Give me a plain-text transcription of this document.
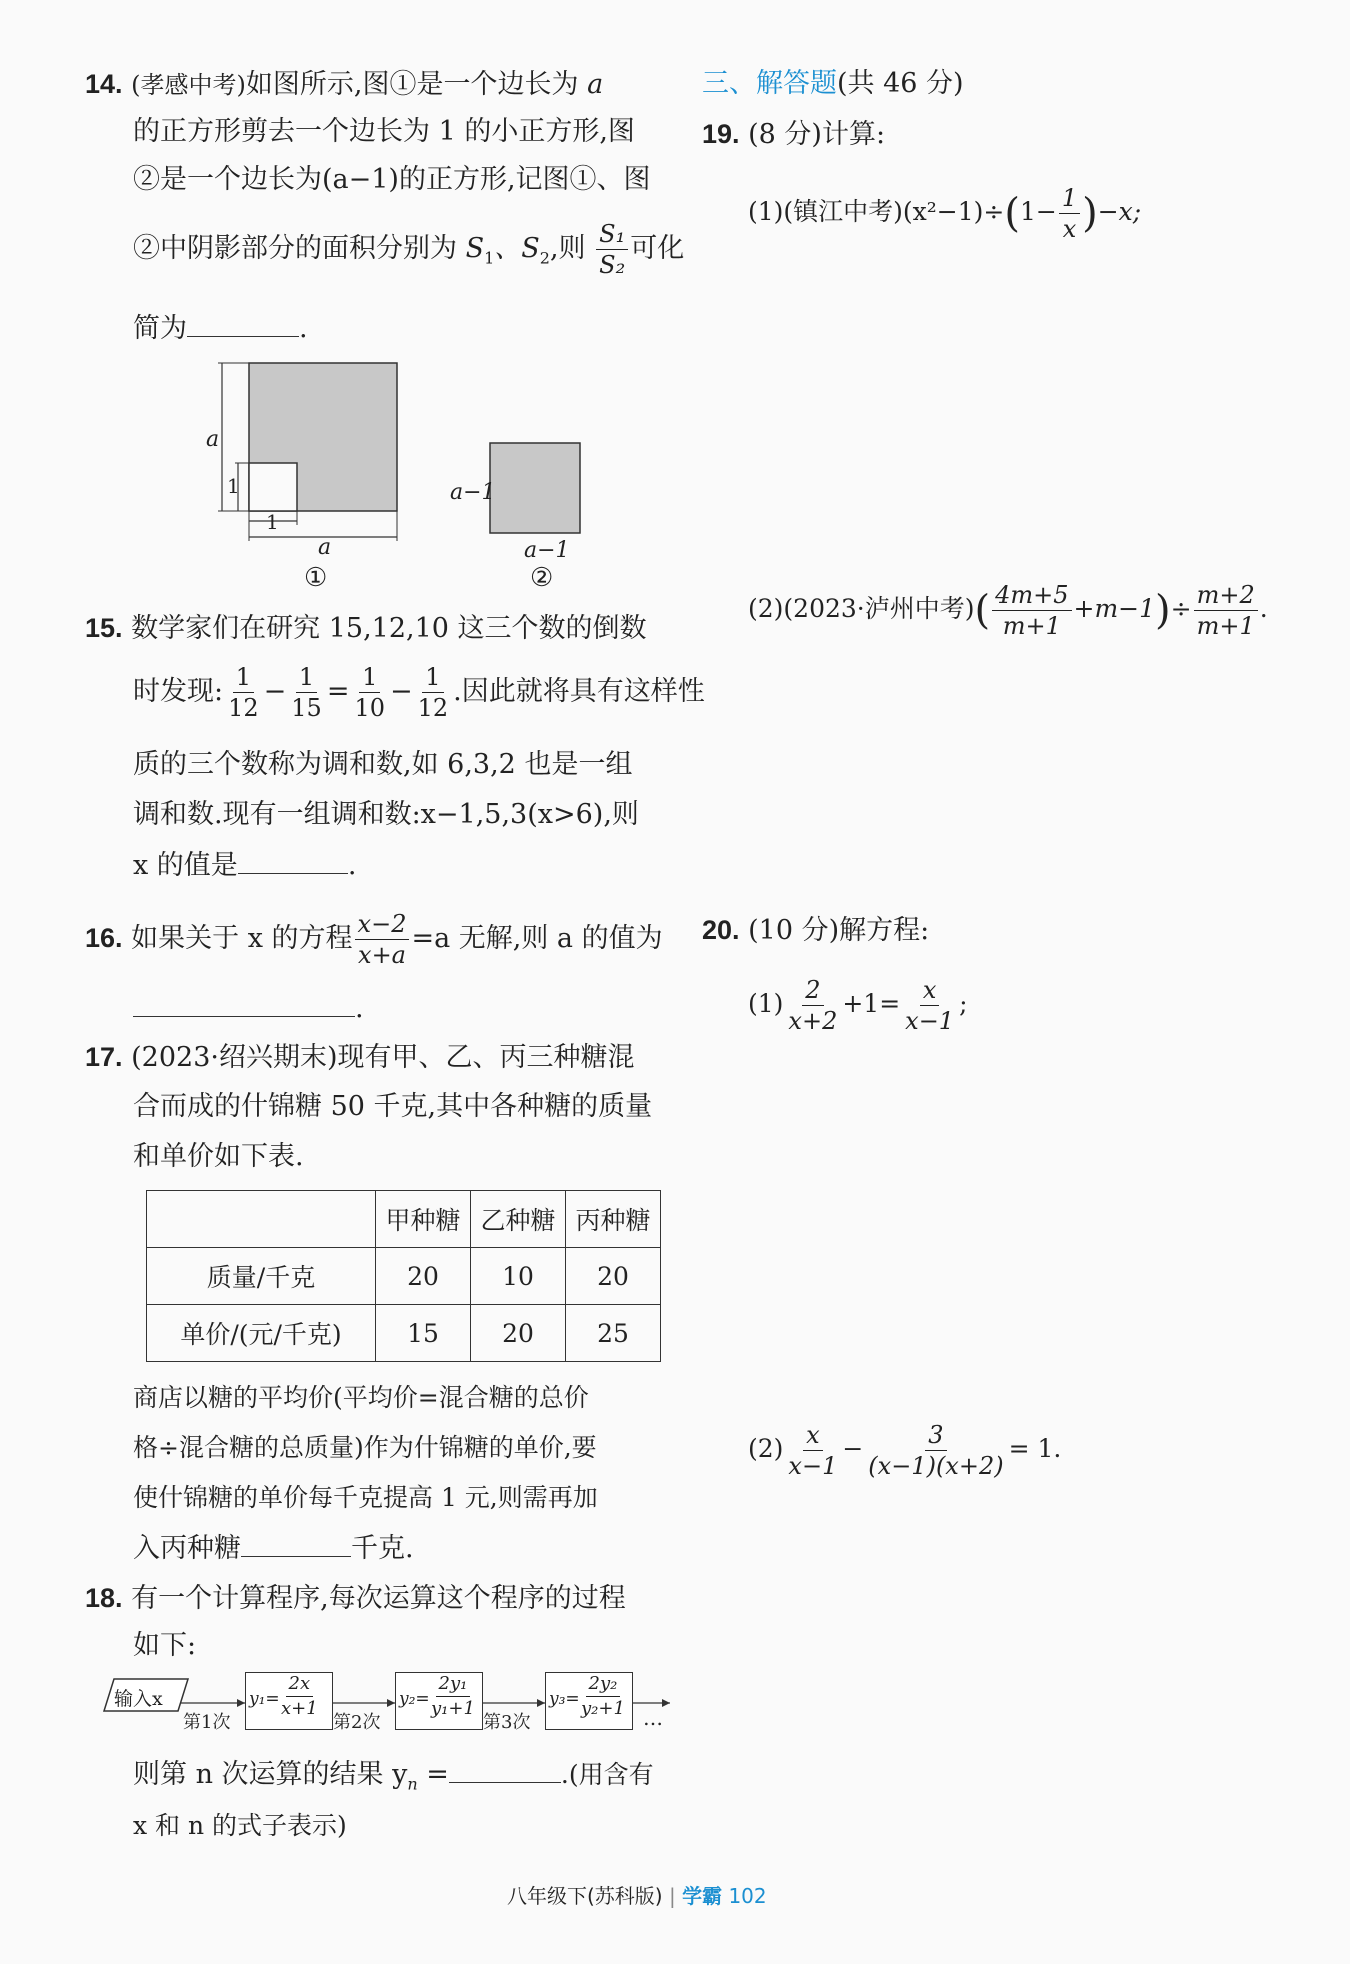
14. (孝感中考)如图所示,图①是一个边长为 a
的正方形剪去一个边长为 1 的小正方形,图
②是一个边长为(a−1)的正方形,记图①、图
②中阴影部分的面积分别为 $S_1$、$S_2$,则 $\frac{\text{S₁}}{\text{S₂}}$ 可化
简为	.
a
1
1
a
①
a−1
a−1
②
15. 数学家们在研究 15,12,10 这三个数的倒数
时发现: $\frac{1}{12} - \frac{1}{15} = \frac{1}{10} - \frac{1}{12}$ .因此就将具有这样性
质的三个数称为调和数,如 6,3,2 也是一组
调和数.现有一组调和数:x−1,5,3(x>6),则
x 的值是	.
16. 如果关于 x 的方程 $\frac{x-2}{x+a} =a$ 无解,则 a 的值为
.
17. (2023·绍兴期末)现有甲、乙、丙三种糖混
合而成的什锦糖 50 千克,其中各种糖的质量
和单价如下表.
	甲种糖	乙种糖	丙种糖
质量/千克	20	10	20
单价/(元/千克)	15	20	25
商店以糖的平均价(平均价=混合糖的总价
格÷混合糖的总质量)作为什锦糖的单价,要
使什锦糖的单价每千克提高 1 元,则需再加
入丙种糖	千克.
18. 有一个计算程序,每次运算这个程序的过程
如下:
输入x
第1次
y₁=
$\frac{2x}{x+1}$
第2次
y₂=
$\frac{\text{2y₁}}{\text{y₁+1}}$
第3次
y₃=
$\frac{\text{2y₂}}{\text{y₂+1}}$ …
则第 n 次运算的结果 $y_n$ =	.(用含有
x 和 n 的式子表示)
三、解答题(共 46 分)
19. (8 分)计算:
(1)(镇江中考)$(x^2-1)\div(1- \frac{1}{x} )-x$;
(2)(2023·泸州中考)( $\frac{4m+5}{m+1} +m-1)\div \frac{m+2}{m+1}$ .
20. (10 分)解方程:
$(1) \frac{2}{x+2} +1= \frac{x}{x-1}$ ;
$(2) \frac{x}{x-1} - \frac{3}{(x-1)(x+2)} = 1$.
八年级下(苏科版) | 学霸 102
